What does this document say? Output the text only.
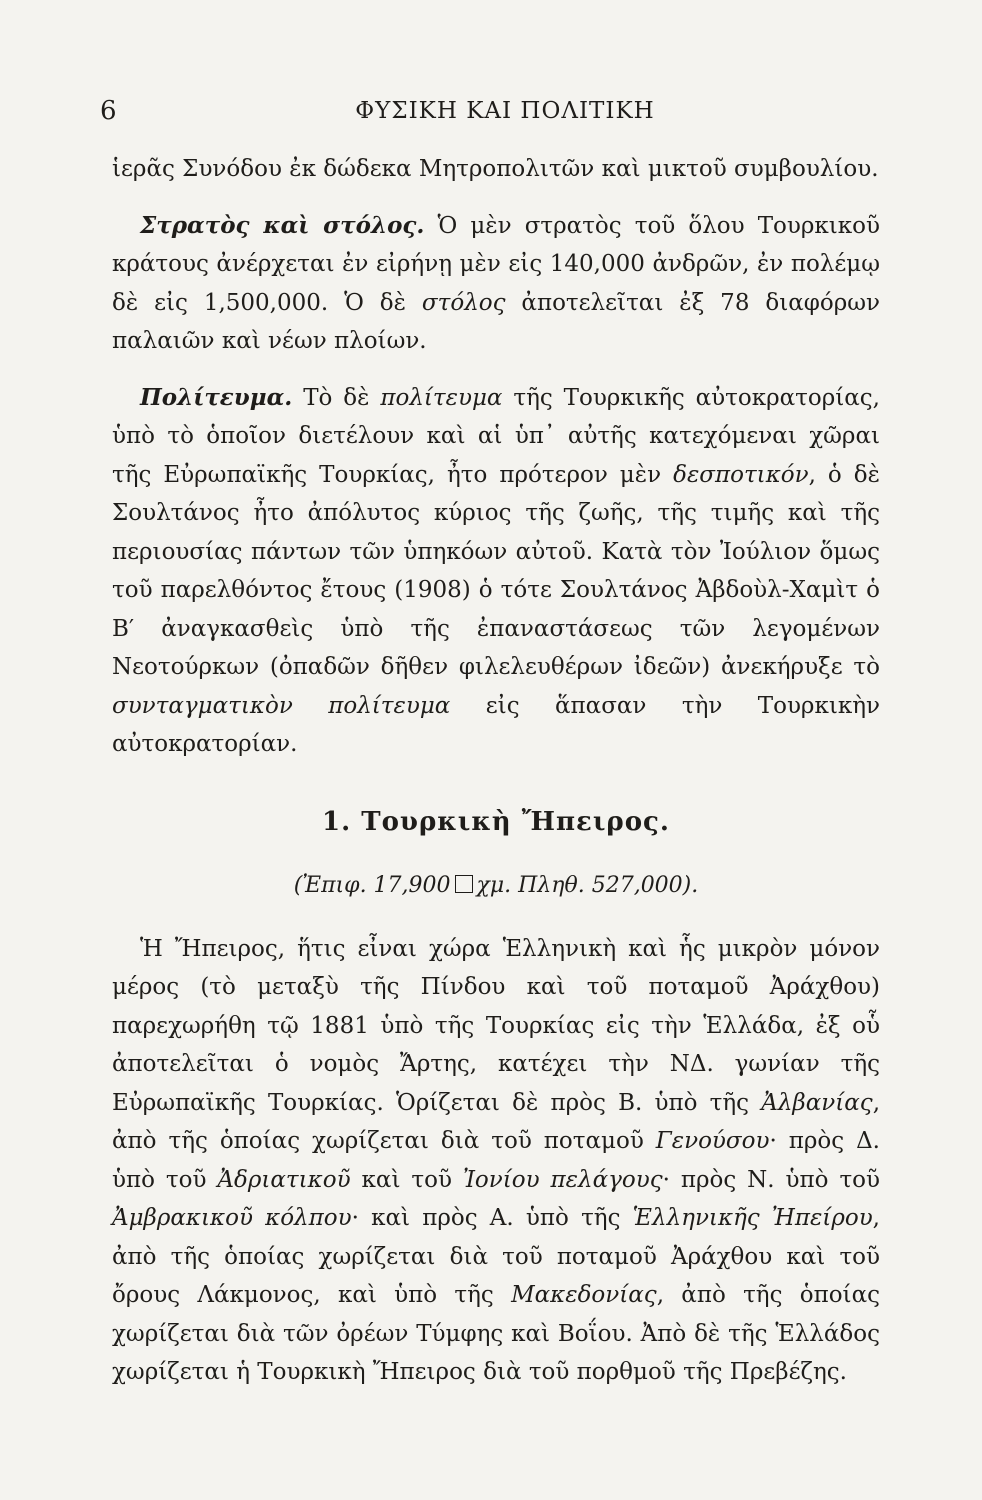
6	ΦΥΣΙΚΗ ΚΑΙ ΠΟΛΙΤΙΚΗ

ἱερᾶς Συνόδου ἐκ δώδεκα Μητροπολιτῶν καὶ μικτοῦ συμβουλίου.

Στρατὸς καὶ στόλος. Ὁ μὲν στρατὸς τοῦ ὅλου Τουρκικοῦ κράτους ἀνέρχεται ἐν εἰρήνῃ μὲν εἰς 140,000 ἀνδρῶν, ἐν πολέμῳ δὲ εἰς 1,500,000. Ὁ δὲ στόλος ἀποτελεῖται ἐξ 78 διαφόρων παλαιῶν καὶ νέων πλοίων.

Πολίτευμα. Τὸ δὲ πολίτευμα τῆς Τουρκικῆς αὐτοκρατορίας, ὑπὸ τὸ ὁποῖον διετέλουν καὶ αἱ ὑπ᾽ αὐτῆς κατεχόμεναι χῶραι τῆς Εὐρωπαϊκῆς Τουρκίας, ἦτο πρότερον μὲν δεσποτικόν, ὁ δὲ Σουλτάνος ἦτο ἀπόλυτος κύριος τῆς ζωῆς, τῆς τιμῆς καὶ τῆς περιουσίας πάντων τῶν ὑπηκόων αὐτοῦ. Κατὰ τὸν Ἰούλιον ὅμως τοῦ παρελθόντος ἔτους (1908) ὁ τότε Σουλτάνος Ἀβδοὺλ-Χαμὶτ ὁ Β′ ἀναγκασθεὶς ὑπὸ τῆς ἐπαναστάσεως τῶν λεγομένων Νεοτούρκων (ὀπαδῶν δῆθεν φιλελευθέρων ἰδεῶν) ἀνεκήρυξε τὸ συνταγματικὸν πολίτευμα εἰς ἅπασαν τὴν Τουρκικὴν αὐτοκρατορίαν.

1. Τουρκικὴ Ἤπειρος.
(Ἐπιφ. 17,900 χμ. Πληθ. 527,000).

Ἡ Ἤπειρος, ἥτις εἶναι χώρα Ἑλληνικὴ καὶ ἧς μικρὸν μόνον μέρος (τὸ μεταξὺ τῆς Πίνδου καὶ τοῦ ποταμοῦ Ἀράχθου) παρεχωρήθη τῷ 1881 ὑπὸ τῆς Τουρκίας εἰς τὴν Ἑλλάδα, ἐξ οὗ ἀποτελεῖται ὁ νομὸς Ἄρτης, κατέχει τὴν ΝΔ. γωνίαν τῆς Εὐρωπαϊκῆς Τουρκίας. Ὁρίζεται δὲ πρὸς Β. ὑπὸ τῆς Ἀλβανίας, ἀπὸ τῆς ὁποίας χωρίζεται διὰ τοῦ ποταμοῦ Γενούσου· πρὸς Δ. ὑπὸ τοῦ Ἀδριατικοῦ καὶ τοῦ Ἰονίου πελάγους· πρὸς Ν. ὑπὸ τοῦ Ἀμβρακικοῦ κόλπου· καὶ πρὸς Α. ὑπὸ τῆς Ἑλληνικῆς Ἠπείρου, ἀπὸ τῆς ὁποίας χωρίζεται διὰ τοῦ ποταμοῦ Ἀράχθου καὶ τοῦ ὄρους Λάκμονος, καὶ ὑπὸ τῆς Μακεδονίας, ἀπὸ τῆς ὁποίας χωρίζεται διὰ τῶν ὀρέων Τύμφης καὶ Βοΐου. Ἀπὸ δὲ τῆς Ἑλλάδος χωρίζεται ἡ Τουρκικὴ Ἤπειρος διὰ τοῦ πορθμοῦ τῆς Πρεβέζης.
